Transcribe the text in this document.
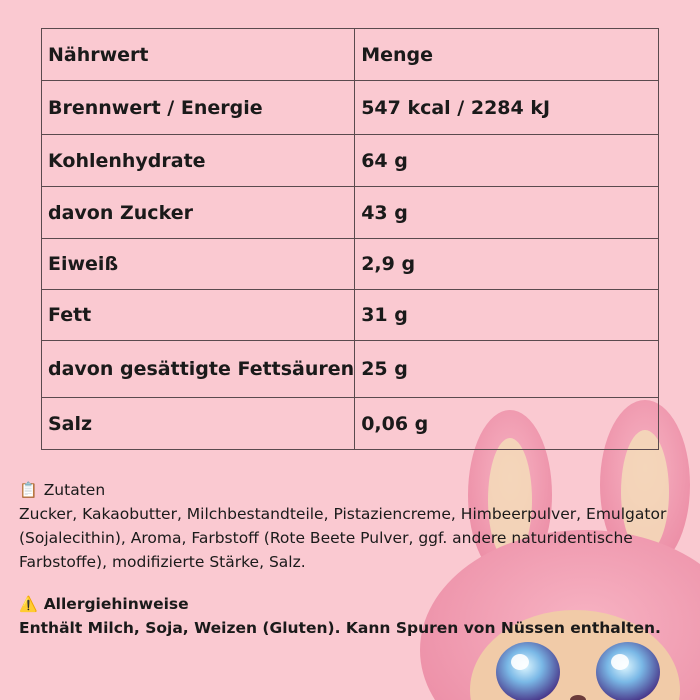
Nährwert	Menge
Brennwert / Energie	547 kcal / 2284 kJ
Kohlenhydrate	64 g
davon Zucker	43 g
Eiweiß	2,9 g
Fett	31 g
davon gesättigte Fettsäuren	25 g
Salz	0,06 g

📋 Zutaten

Zucker, Kakaobutter, Milchbestandteile, Pistaziencreme, Himbeerpulver, Emulgator (Sojalecithin), Aroma, Farbstoff (Rote Beete Pulver, ggf. andere naturidentische Farbstoffe), modifizierte Stärke, Salz.

⚠️ Allergiehinweise

Enthält Milch, Soja, Weizen (Gluten). Kann Spuren von Nüssen enthalten.
